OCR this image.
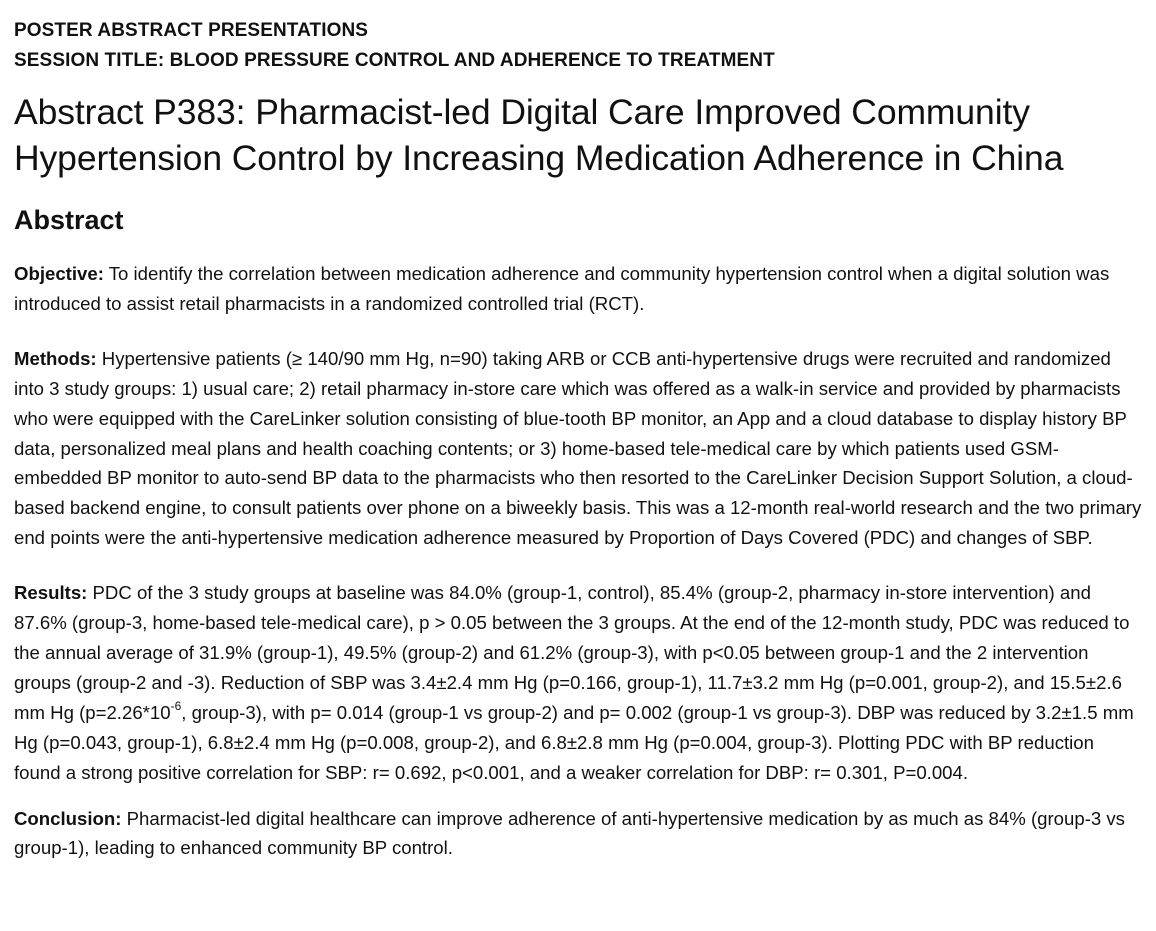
POSTER ABSTRACT PRESENTATIONS

SESSION TITLE: BLOOD PRESSURE CONTROL AND ADHERENCE TO TREATMENT

Abstract P383: Pharmacist-led Digital Care Improved Community Hypertension Control by Increasing Medication Adherence in China
Abstract

Objective: To identify the correlation between medication adherence and community hypertension control when a digital solution was introduced to assist retail pharmacists in a randomized controlled trial (RCT).

Methods: Hypertensive patients (≥ 140/90 mm Hg, n=90) taking ARB or CCB anti-hypertensive drugs were recruited and randomized into 3 study groups: 1) usual care; 2) retail pharmacy in-store care which was offered as a walk-in service and provided by pharmacists who were equipped with the CareLinker solution consisting of blue-tooth BP monitor, an App and a cloud database to display history BP data, personalized meal plans and health coaching contents; or 3) home-based tele-medical care by which patients used GSM-embedded BP monitor to auto-send BP data to the pharmacists who then resorted to the CareLinker Decision Support Solution, a cloud-based backend engine, to consult patients over phone on a biweekly basis. This was a 12-month real-world research and the two primary end points were the anti-hypertensive medication adherence measured by Proportion of Days Covered (PDC) and changes of SBP.

Results: PDC of the 3 study groups at baseline was 84.0% (group-1, control), 85.4% (group-2, pharmacy in-store intervention) and 87.6% (group-3, home-based tele-medical care), p > 0.05 between the 3 groups. At the end of the 12-month study, PDC was reduced to the annual average of 31.9% (group-1), 49.5% (group-2) and 61.2% (group-3), with p<0.05 between group-1 and the 2 intervention groups (group-2 and -3). Reduction of SBP was 3.4±2.4 mm Hg (p=0.166, group-1), 11.7±3.2 mm Hg (p=0.001, group-2), and 15.5±2.6 mm Hg ($p=2.26*10^{-6}$, group-3), with p= 0.014 (group-1 vs group-2) and p= 0.002 (group-1 vs group-3). DBP was reduced by 3.2±1.5 mm Hg (p=0.043, group-1), 6.8±2.4 mm Hg (p=0.008, group-2), and 6.8±2.8 mm Hg (p=0.004, group-3). Plotting PDC with BP reduction found a strong positive correlation for SBP: r= 0.692, p<0.001, and a weaker correlation for DBP: r= 0.301, P=0.004.

Conclusion: Pharmacist-led digital healthcare can improve adherence of anti-hypertensive medication by as much as 84% (group-3 vs group-1), leading to enhanced community BP control.
